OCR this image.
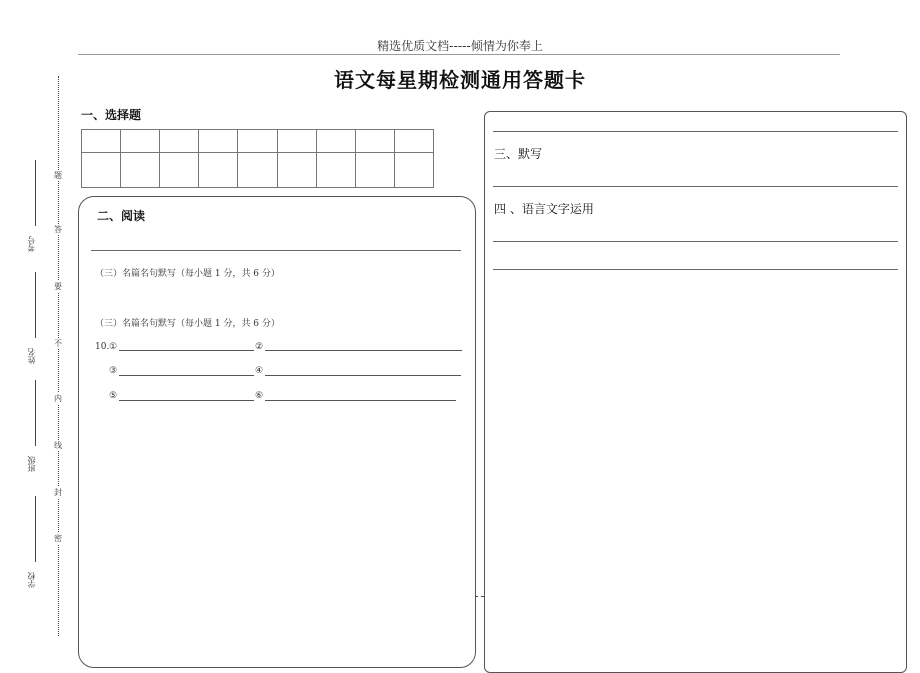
精选优质文档-----倾情为你奉上
语文每星期检测通用答题卡
考号
姓名
班级
学校
题
答
要
不
内
线
封
密
一、选择题

二、阅读
（三）名篇名句默写（每小题 1 分，共 6 分）
（三）名篇名句默写（每小题 1 分，共 6 分）
10. ①	②
③	④
⑤	⑥
三、默写
四 、语言文字运用
